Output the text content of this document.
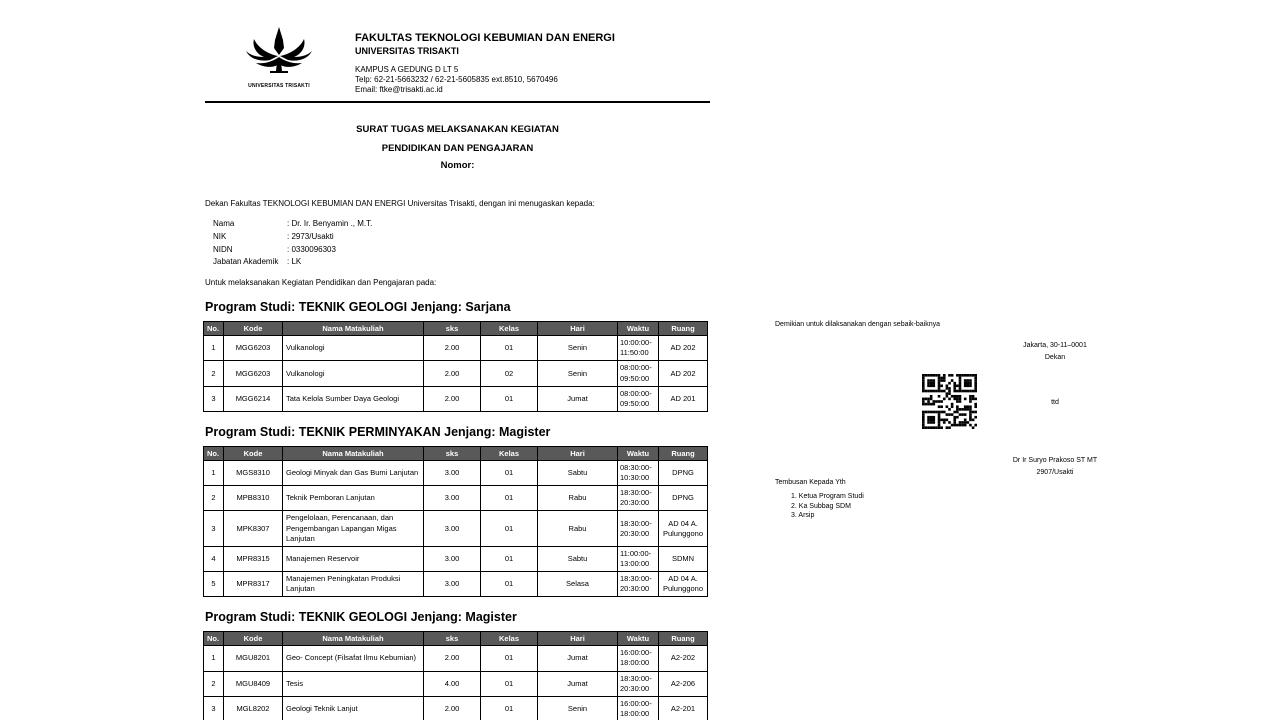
UNIVERSITAS TRISAKTI
FAKULTAS TEKNOLOGI KEBUMIAN DAN ENERGI
UNIVERSITAS TRISAKTI
KAMPUS A GEDUNG D LT 5
Telp: 62-21-5663232 / 62-21-5605835 ext.8510, 5670496
Email: ftke@trisakti.ac.id
SURAT TUGAS MELAKSANAKAN KEGIATAN
PENDIDIKAN DAN PENGAJARAN
Nomor:

Dekan Fakultas TEKNOLOGI KEBUMIAN DAN ENERGI Universitas Trisakti, dengan ini menugaskan kepada:

Nama	: Dr. Ir. Benyamin ., M.T.
NIK	: 2973/Usakti
NIDN	: 0330096303
Jabatan Akademik	: LK

Untuk melaksanakan Kegiatan Pendidikan dan Pengajaran pada:

Program Studi: TEKNIK GEOLOGI Jenjang: Sarjana
No.	Kode	Nama Matakuliah	sks	Kelas	Hari	Waktu	Ruang
1	MGG6203	Vulkanologi	2.00	01	Senin	10:00:00-11:50:00	AD 202
2	MGG6203	Vulkanologi	2.00	02	Senin	08:00:00-09:50:00	AD 202
3	MGG6214	Tata Kelola Sumber Daya Geologi	2.00	01	Jumat	08:00:00-09:50:00	AD 201
Program Studi: TEKNIK PERMINYAKAN Jenjang: Magister
No.	Kode	Nama Matakuliah	sks	Kelas	Hari	Waktu	Ruang
1	MGS8310	Geologi Minyak dan Gas Bumi Lanjutan	3.00	01	Sabtu	08:30:00-10:30:00	DPNG
2	MPB8310	Teknik Pemboran Lanjutan	3.00	01	Rabu	18:30:00-20:30:00	DPNG
3	MPK8307	Pengelolaan, Perencanaan, dan Pengembangan Lapangan Migas Lanjutan	3.00	01	Rabu	18:30:00-20:30:00	AD 04 A. Pulunggono
4	MPR8315	Manajemen Reservoir	3.00	01	Sabtu	11:00:00-13:00:00	SDMN
5	MPR8317	Manajemen Peningkatan Produksi Lanjutan	3.00	01	Selasa	18:30:00-20:30:00	AD 04 A. Pulunggono
Program Studi: TEKNIK GEOLOGI Jenjang: Magister
No.	Kode	Nama Matakuliah	sks	Kelas	Hari	Waktu	Ruang
1	MGU8201	Geo- Concept (Filsafat Ilmu Kebumian)	2.00	01	Jumat	16:00:00-18:00:00	A2-202
2	MGU8409	Tesis	4.00	01	Jumat	18:30:00-20:30:00	A2-206
3	MGL8202	Geologi Teknik Lanjut	2.00	01	Senin	16:00:00-18:00:00	A2-201
Demikian untuk dilaksanakan dengan sebaik-baiknya
Jakarta, 30-11–0001
Dekan
ttd
Dr Ir Suryo Prakoso ST MT
2907/Usakti
Tembusan Kepada Yth
1. Ketua Program Studi
2. Ka Subbag SDM
3. Arsip
